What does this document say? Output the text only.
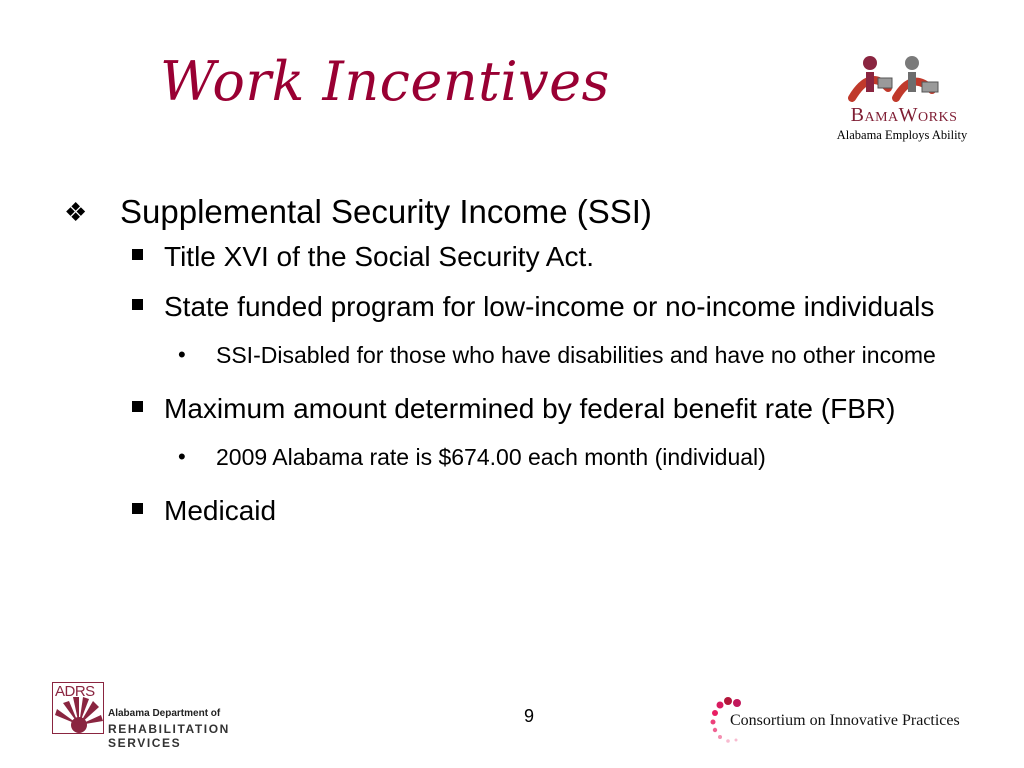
Work Incentives
BamaWorks
Alabama Employs Ability
❖ Supplemental Security Income (SSI)
Title XVI of the Social Security Act.
State funded program for low-income or no-income individuals
• SSI-Disabled for those who have disabilities and have no other income
Maximum amount determined by federal benefit rate (FBR)
• 2009 Alabama rate is $674.00 each month (individual)
Medicaid
ADRS
Alabama Department of
REHABILITATION SERVICES
9	Consortium on Innovative Practices
